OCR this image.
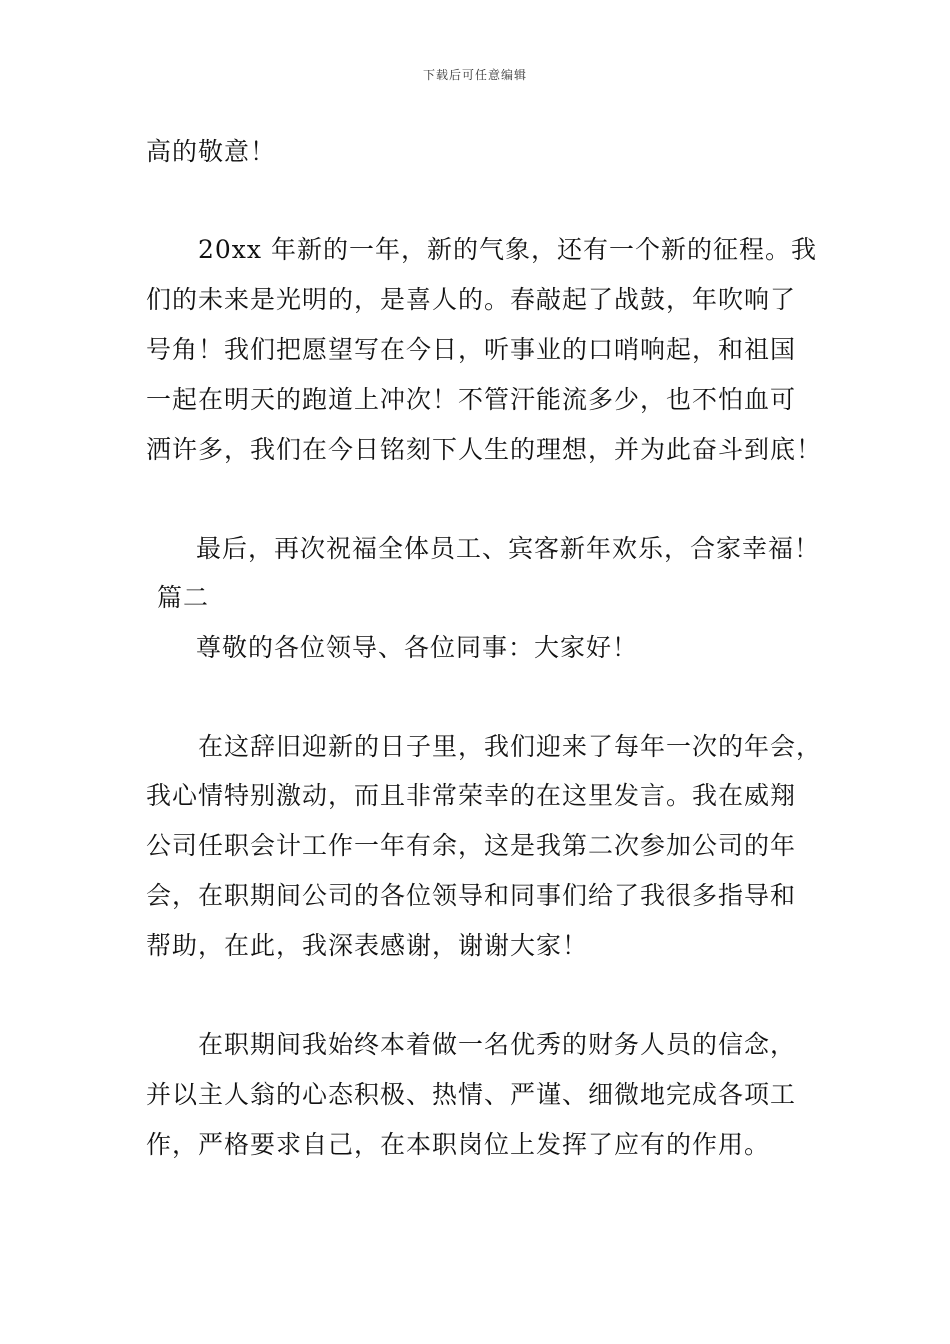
下载后可任意编辑
高的敬意！
20xx 年新的一年，新的气象，还有一个新的征程。我
们的未来是光明的，是喜人的。春敲起了战鼓，年吹响了
号角！我们把愿望写在今日，听事业的口哨响起，和祖国
一起在明天的跑道上冲次！不管汗能流多少，也不怕血可
洒许多，我们在今日铭刻下人生的理想，并为此奋斗到底！
最后，再次祝福全体员工、宾客新年欢乐，合家幸福！
篇二
尊敬的各位领导、各位同事：大家好！
在这辞旧迎新的日子里，我们迎来了每年一次的年会，
我心情特别激动，而且非常荣幸的在这里发言。我在威翔
公司任职会计工作一年有余，这是我第二次参加公司的年
会，在职期间公司的各位领导和同事们给了我很多指导和
帮助，在此，我深表感谢，谢谢大家！
在职期间我始终本着做一名优秀的财务人员的信念，
并以主人翁的心态积极、热情、严谨、细微地完成各项工
作，严格要求自己，在本职岗位上发挥了应有的作用。
